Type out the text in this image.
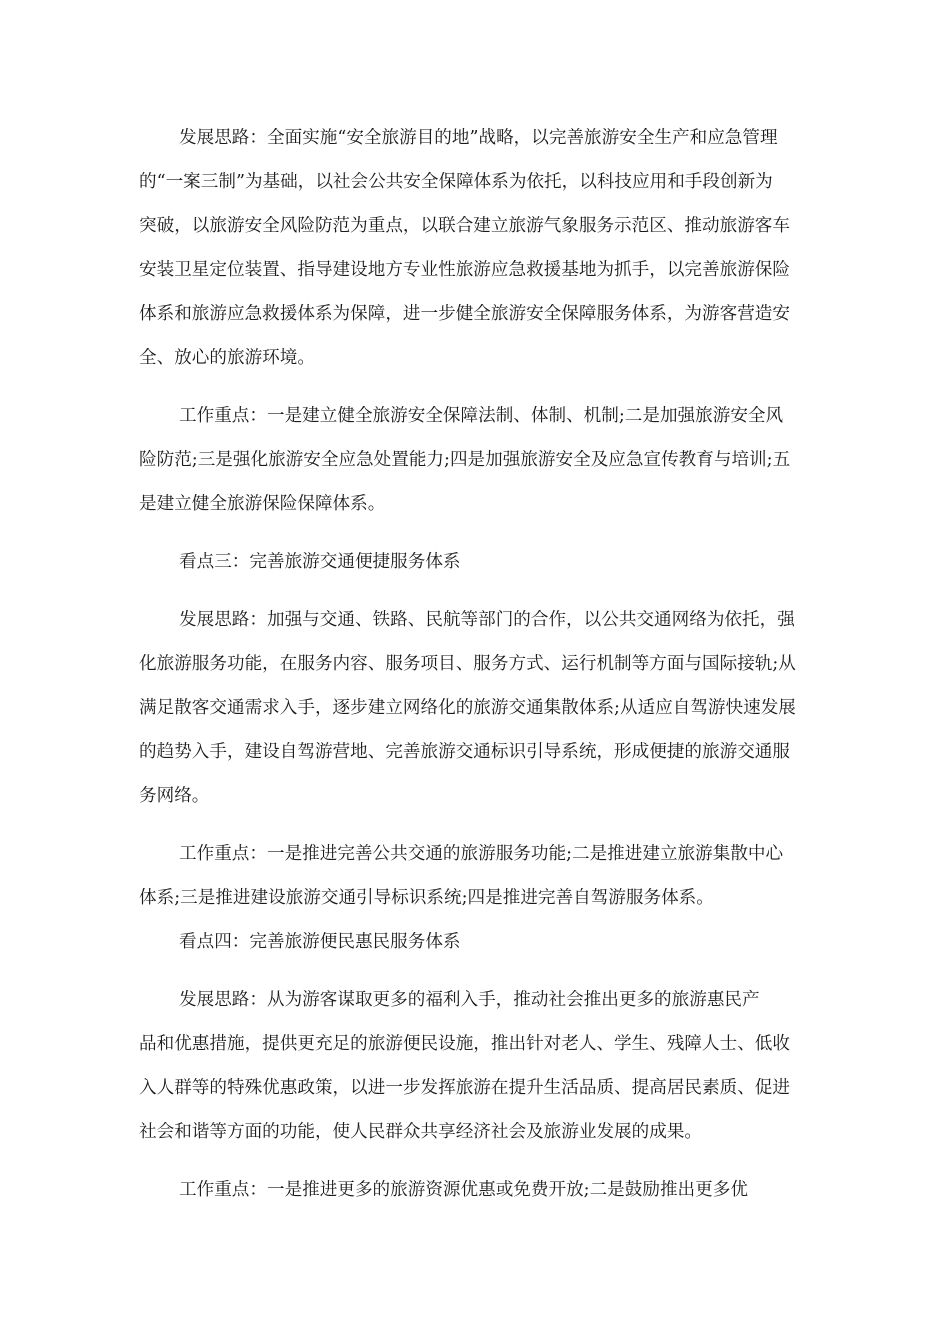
发展思路：全面实施“安全旅游目的地”战略，以完善旅游安全生产和应急管理
的“一案三制”为基础，以社会公共安全保障体系为依托，以科技应用和手段创新为
突破，以旅游安全风险防范为重点，以联合建立旅游气象服务示范区、推动旅游客车
安装卫星定位装置、指导建设地方专业性旅游应急救援基地为抓手，以完善旅游保险
体系和旅游应急救援体系为保障，进一步健全旅游安全保障服务体系，为游客营造安
全、放心的旅游环境。
工作重点：一是建立健全旅游安全保障法制、体制、机制;二是加强旅游安全风
险防范;三是强化旅游安全应急处置能力;四是加强旅游安全及应急宣传教育与培训;五
是建立健全旅游保险保障体系。
看点三：完善旅游交通便捷服务体系
发展思路：加强与交通、铁路、民航等部门的合作，以公共交通网络为依托，强
化旅游服务功能，在服务内容、服务项目、服务方式、运行机制等方面与国际接轨;从
满足散客交通需求入手，逐步建立网络化的旅游交通集散体系;从适应自驾游快速发展
的趋势入手，建设自驾游营地、完善旅游交通标识引导系统，形成便捷的旅游交通服
务网络。
工作重点：一是推进完善公共交通的旅游服务功能;二是推进建立旅游集散中心
体系;三是推进建设旅游交通引导标识系统;四是推进完善自驾游服务体系。
看点四：完善旅游便民惠民服务体系
发展思路：从为游客谋取更多的福利入手，推动社会推出更多的旅游惠民产
品和优惠措施，提供更充足的旅游便民设施，推出针对老人、学生、残障人士、低收
入人群等的特殊优惠政策，以进一步发挥旅游在提升生活品质、提高居民素质、促进
社会和谐等方面的功能，使人民群众共享经济社会及旅游业发展的成果。
工作重点：一是推进更多的旅游资源优惠或免费开放;二是鼓励推出更多优
